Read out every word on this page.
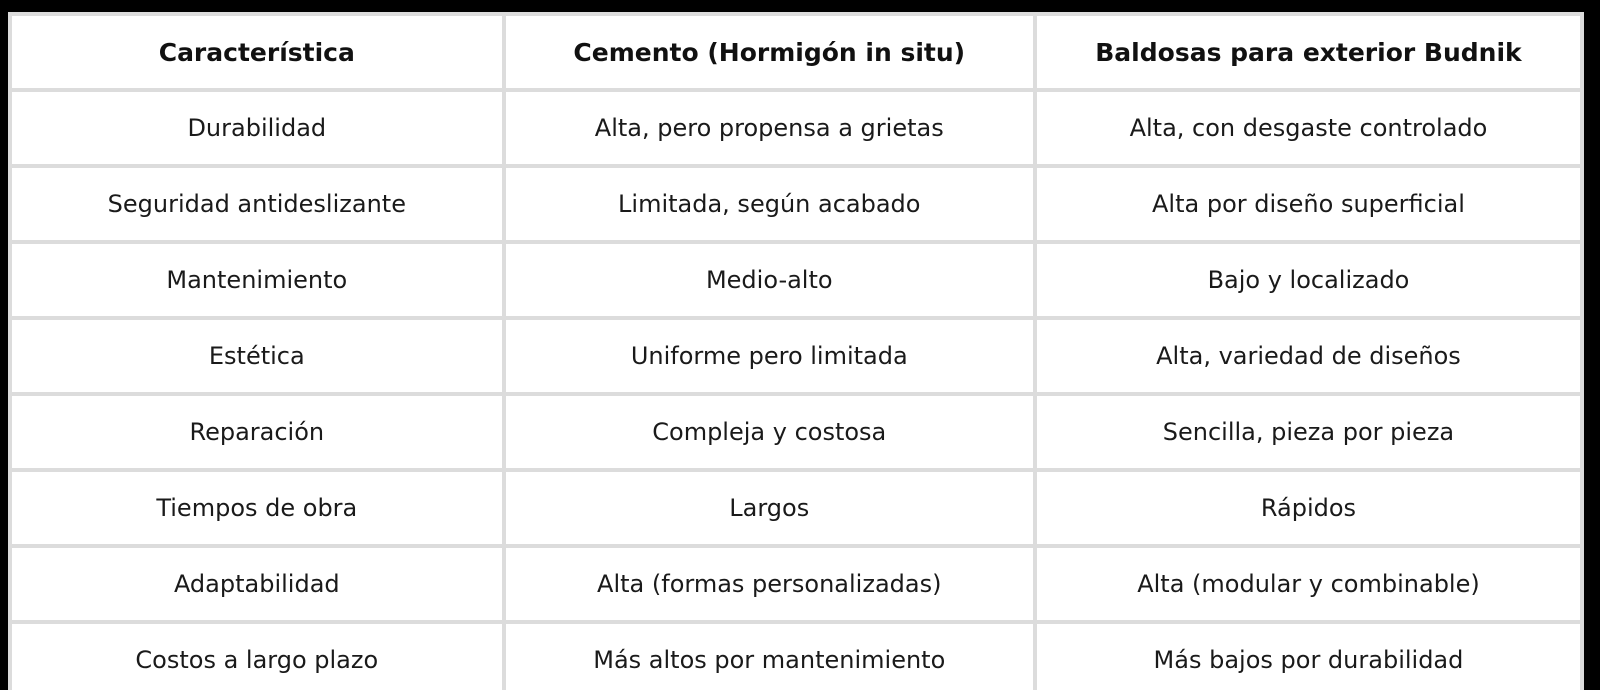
Característica	Cemento (Hormigón in situ)	Baldosas para exterior Budnik
Durabilidad	Alta, pero propensa a grietas	Alta, con desgaste controlado
Seguridad antideslizante	Limitada, según acabado	Alta por diseño superficial
Mantenimiento	Medio-alto	Bajo y localizado
Estética	Uniforme pero limitada	Alta, variedad de diseños
Reparación	Compleja y costosa	Sencilla, pieza por pieza
Tiempos de obra	Largos	Rápidos
Adaptabilidad	Alta (formas personalizadas)	Alta (modular y combinable)
Costos a largo plazo	Más altos por mantenimiento	Más bajos por durabilidad
